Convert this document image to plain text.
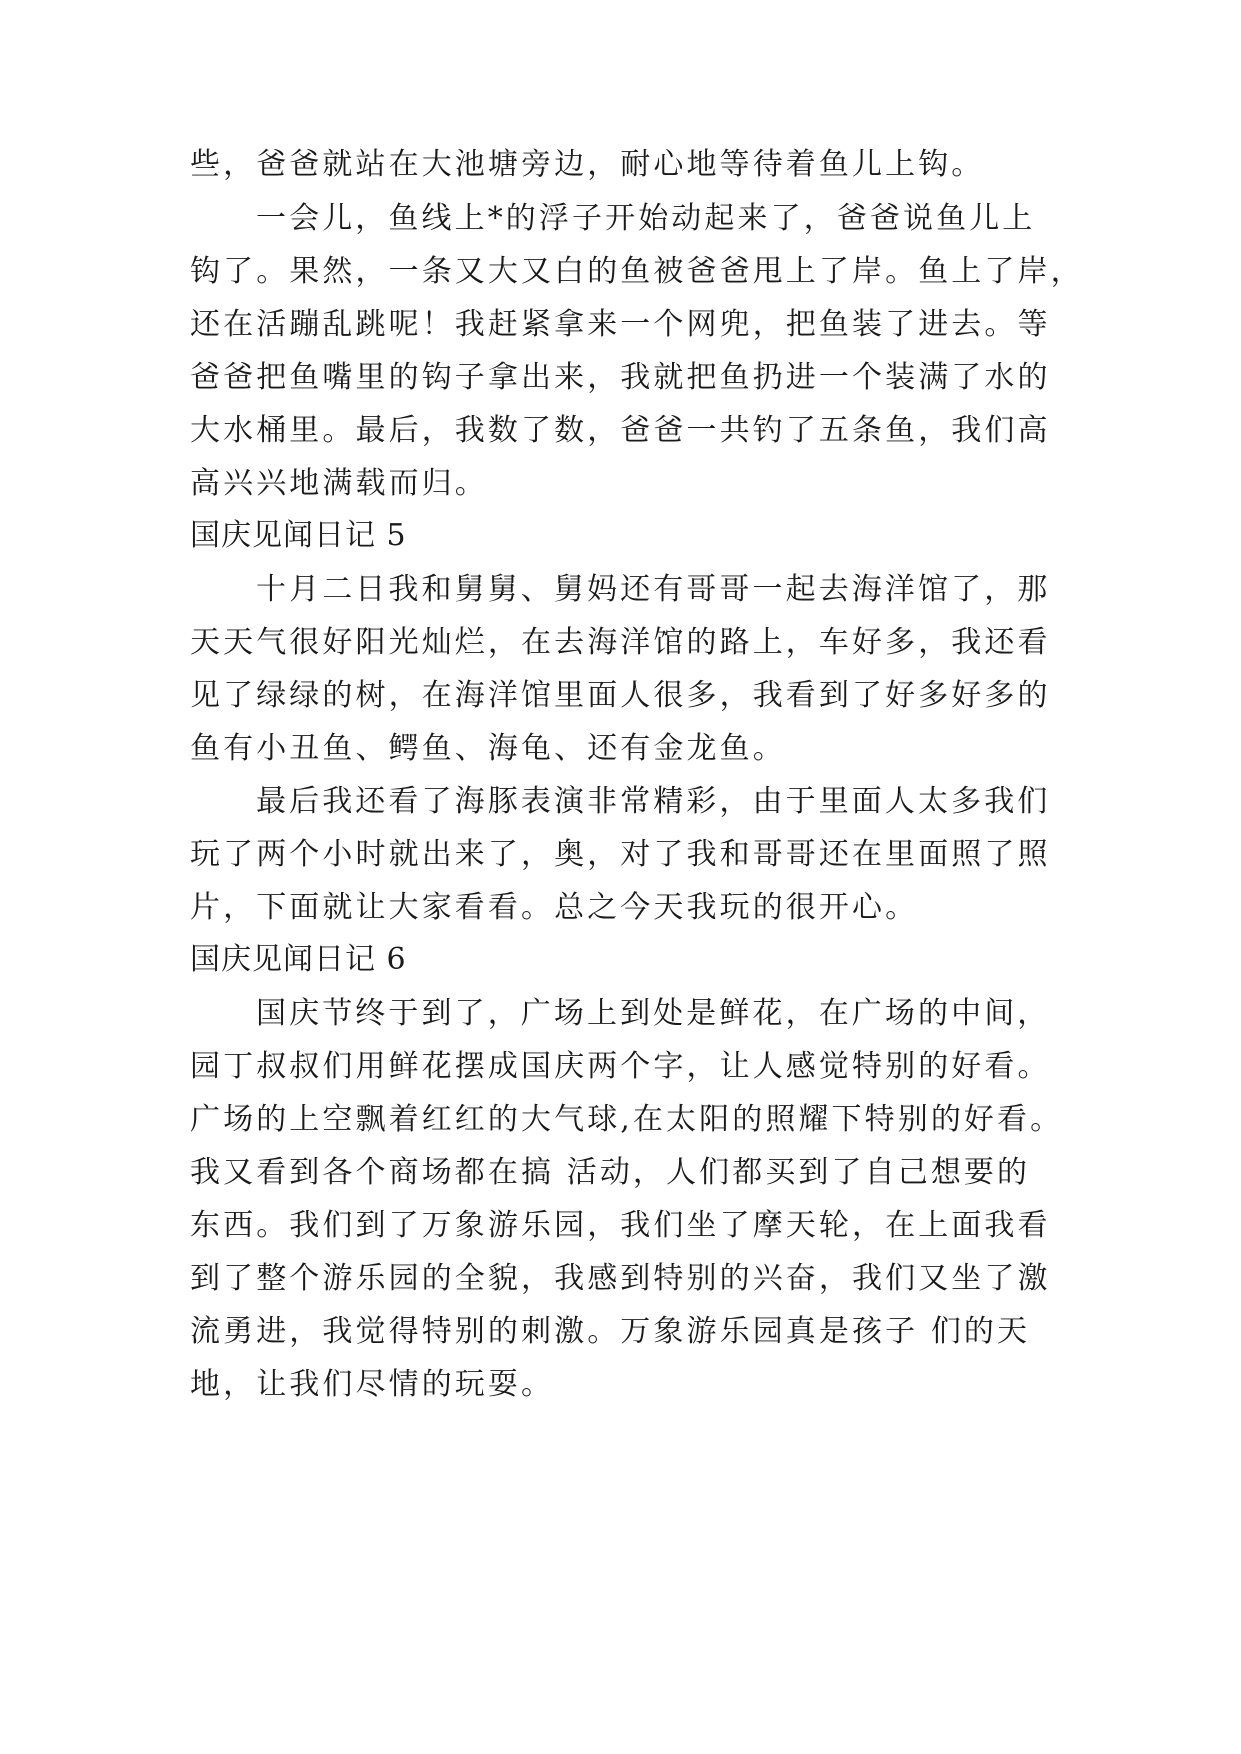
些，爸爸就站在大池塘旁边，耐心地等待着鱼儿上钩。
一会儿，鱼线上*的浮子开始动起来了，爸爸说鱼儿上
钩了。果然，一条又大又白的鱼被爸爸甩上了岸。鱼上了岸，
还在活蹦乱跳呢！我赶紧拿来一个网兜，把鱼装了进去。等
爸爸把鱼嘴里的钩子拿出来，我就把鱼扔进一个装满了水的
大水桶里。最后，我数了数，爸爸一共钓了五条鱼，我们高
高兴兴地满载而归。
国庆见闻日记 5
十月二日我和舅舅、舅妈还有哥哥一起去海洋馆了，那
天天气很好阳光灿烂，在去海洋馆的路上，车好多，我还看
见了绿绿的树，在海洋馆里面人很多，我看到了好多好多的
鱼有小丑鱼、鳄鱼、海龟、还有金龙鱼。
最后我还看了海豚表演非常精彩，由于里面人太多我们
玩了两个小时就出来了，奥，对了我和哥哥还在里面照了照
片，下面就让大家看看。总之今天我玩的很开心。
国庆见闻日记 6
国庆节终于到了，广场上到处是鲜花，在广场的中间，
园丁叔叔们用鲜花摆成国庆两个字，让人感觉特别的好看。
广场的上空飘着红红的大气球,在太阳的照耀下特别的好看。
我又看到各个商场都在搞 活动，人们都买到了自己想要的
东西。我们到了万象游乐园，我们坐了摩天轮，在上面我看
到了整个游乐园的全貌，我感到特别的兴奋，我们又坐了激
流勇进，我觉得特别的刺激。万象游乐园真是孩子 们的天
地，让我们尽情的玩耍。
